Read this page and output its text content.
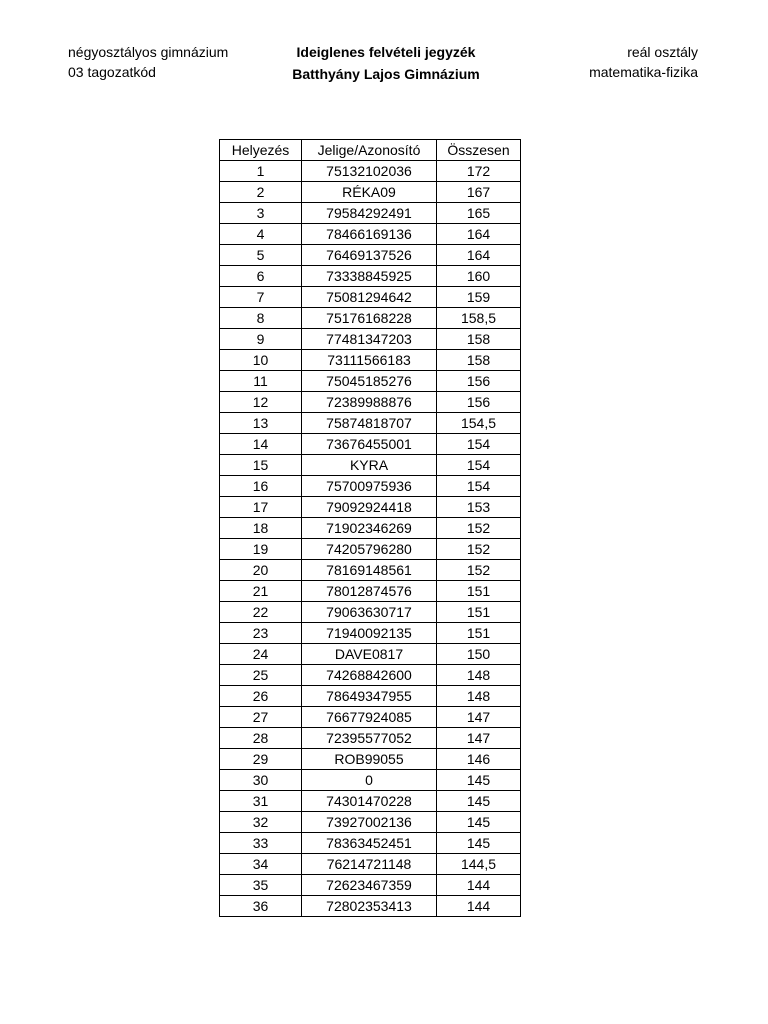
négyosztályos gimnázium
03 tagozatkód
Ideiglenes felvételi jegyzék
Batthyány Lajos Gimnázium
reál osztály
matematika-fizika
Helyezés	Jelige/Azonosító	Összesen
1	75132102036	172
2	RÉKA09	167
3	79584292491	165
4	78466169136	164
5	76469137526	164
6	73338845925	160
7	75081294642	159
8	75176168228	158,5
9	77481347203	158
10	73111566183	158
11	75045185276	156
12	72389988876	156
13	75874818707	154,5
14	73676455001	154
15	KYRA	154
16	75700975936	154
17	79092924418	153
18	71902346269	152
19	74205796280	152
20	78169148561	152
21	78012874576	151
22	79063630717	151
23	71940092135	151
24	DAVE0817	150
25	74268842600	148
26	78649347955	148
27	76677924085	147
28	72395577052	147
29	ROB99055	146
30	0	145
31	74301470228	145
32	73927002136	145
33	78363452451	145
34	76214721148	144,5
35	72623467359	144
36	72802353413	144
